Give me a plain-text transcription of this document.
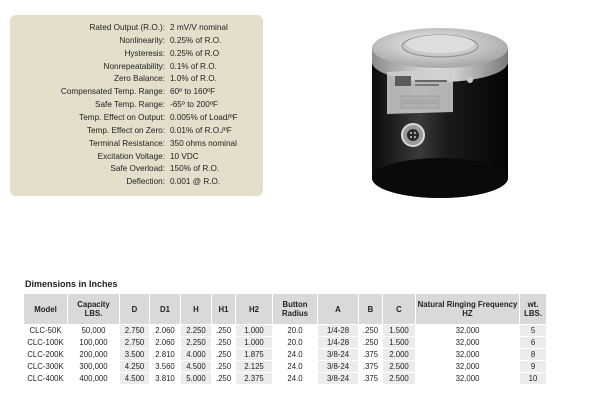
Rated Output (R.O.): 2 mV/V nominal
Nonlinearity: 0.25% of R.O.
Hysteresis: 0.25% of R.O
Nonrepeatability: 0.1% of R.O.
Zero Balance: 1.0% of R.O.
Compensated Temp. Range: 60º to 160ºF
Safe Temp. Range: -65º to 200ºF
Temp. Effect on Output: 0.005% of Load/ºF
Temp. Effect on Zero: 0.01% of R.O./ºF
Terminal Resistance: 350 ohms nominal
Excitation Voltage: 10 VDC
Safe Overload: 150% of R.O.
Deflection: 0.001 @ R.O.
Dimensions in Inches
Model	Capacity LBS.	D	D1	H	H1	H2	Button Radius	A	B	C	Natural Ringing Frequency HZ	wt. LBS.
CLC-50K	50,000	2.750	2.060	2.250	.250	1.000	20.0	1/4-28	.250	1.500	32,000	5
CLC-100K	100,000	2.750	2.060	2.250	.250	1.000	20.0	1/4-28	.250	1.500	32,000	6
CLC-200K	200,000	3.500	2.810	4.000	.250	1.875	24.0	3/8-24	.375	2.000	32,000	8
CLC-300K	300,000	4.250	3.560	4.500	.250	2.125	24.0	3/8-24	.375	2.500	32,000	9
CLC-400K	400,000	4.500	3.810	5.000	.250	2.375	24.0	3/8-24	.375	2.500	32,000	10
